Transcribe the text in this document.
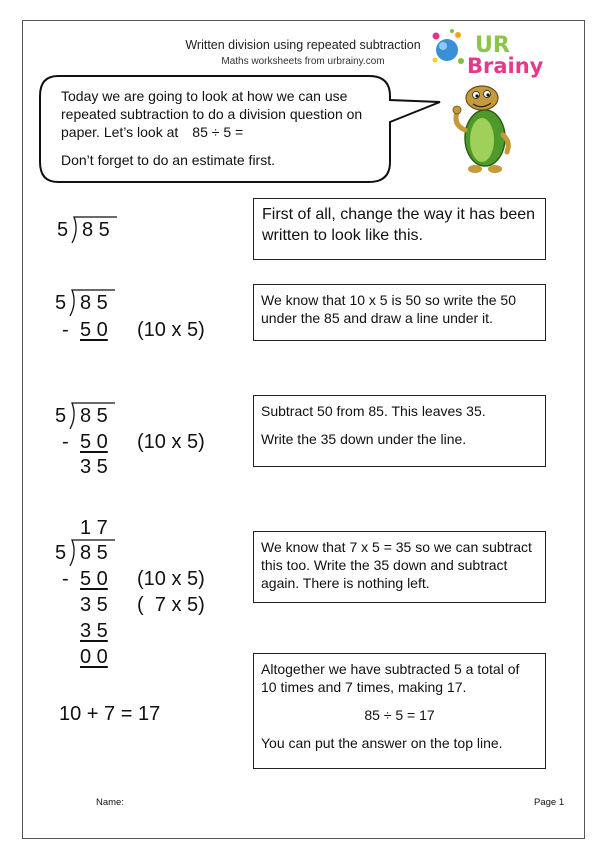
Written division using repeated subtraction
Maths worksheets from urbrainy.com
UR
Brainy
Today we are going to look at how we can use
repeated subtraction to do a division question on
paper. Let’s look at 85 ÷ 5 =
Don’t forget to do an estimate first.
First of all, change the way it has been written to look like this.
We know that 10 x 5 is 50 so write the 50 under the 85 and draw a line under it.

Subtract 50 from 85. This leaves 35.

Write the 35 down under the line.

We know that 7 x 5 = 35 so we can subtract this too. Write the 35 down and subtract again. There is nothing left.

Altogether we have subtracted 5 a total of 10 times and 7 times, making 17.

85 ÷ 5 = 17

You can put the answer on the top line.

5 8 5
5 8 5
- 5 0 (10 x 5)
5 8 5
- 5 0 (10 x 5)
3 5
1 7
5 8 5
- 5 0 (10 x 5)
3 5 (  7 x 5)
3 5
0 0
10 + 7 = 17
Name:	Page 1
